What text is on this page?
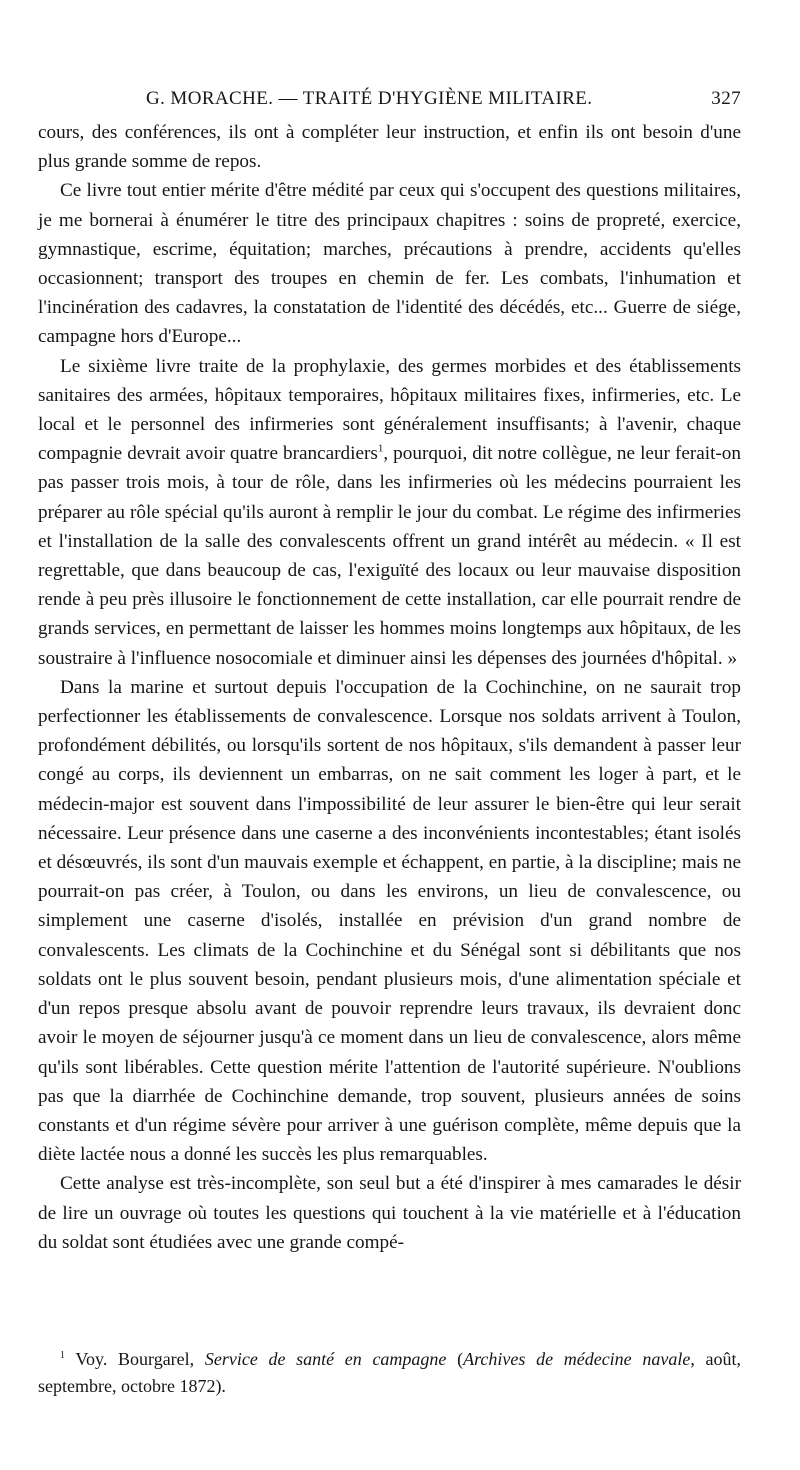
G. MORACHE. — TRAITÉ D'HYGIÈNE MILITAIRE.	327

cours, des conférences, ils ont à compléter leur instruction, et enfin ils ont besoin d'une plus grande somme de repos.

Ce livre tout entier mérite d'être médité par ceux qui s'occupent des questions militaires, je me bornerai à énumérer le titre des principaux chapitres : soins de propreté, exercice, gymnastique, escrime, équitation; marches, précautions à prendre, accidents qu'elles occasionnent; transport des troupes en chemin de fer. Les combats, l'inhumation et l'incinération des cadavres, la constatation de l'identité des décédés, etc... Guerre de siége, campagne hors d'Europe...

Le sixième livre traite de la prophylaxie, des germes morbides et des établissements sanitaires des armées, hôpitaux temporaires, hôpitaux militaires fixes, infirmeries, etc. Le local et le personnel des infirmeries sont généralement insuffisants; à l'avenir, chaque compagnie devrait avoir quatre brancardiers$^1$, pourquoi, dit notre collègue, ne leur ferait-on pas passer trois mois, à tour de rôle, dans les infirmeries où les médecins pourraient les préparer au rôle spécial qu'ils auront à remplir le jour du combat. Le régime des infirmeries et l'installation de la salle des convalescents offrent un grand intérêt au médecin. « Il est regrettable, que dans beaucoup de cas, l'exiguïté des locaux ou leur mauvaise disposition rende à peu près illusoire le fonctionnement de cette installation, car elle pourrait rendre de grands services, en permettant de laisser les hommes moins longtemps aux hôpitaux, de les soustraire à l'influence nosocomiale et diminuer ainsi les dépenses des journées d'hôpital. »

Dans la marine et surtout depuis l'occupation de la Cochinchine, on ne saurait trop perfectionner les établissements de convalescence. Lorsque nos soldats arrivent à Toulon, profondément débilités, ou lorsqu'ils sortent de nos hôpitaux, s'ils demandent à passer leur congé au corps, ils deviennent un embarras, on ne sait comment les loger à part, et le médecin-major est souvent dans l'impossibilité de leur assurer le bien-être qui leur serait nécessaire. Leur présence dans une caserne a des inconvénients incontestables; étant isolés et désœuvrés, ils sont d'un mauvais exemple et échappent, en partie, à la discipline; mais ne pourrait-on pas créer, à Toulon, ou dans les environs, un lieu de convalescence, ou simplement une caserne d'isolés, installée en prévision d'un grand nombre de convalescents. Les climats de la Cochinchine et du Sénégal sont si débilitants que nos soldats ont le plus souvent besoin, pendant plusieurs mois, d'une alimentation spéciale et d'un repos presque absolu avant de pouvoir reprendre leurs travaux, ils devraient donc avoir le moyen de séjourner jusqu'à ce moment dans un lieu de convalescence, alors même qu'ils sont libérables. Cette question mérite l'attention de l'autorité supérieure. N'oublions pas que la diarrhée de Cochinchine demande, trop souvent, plusieurs années de soins constants et d'un régime sévère pour arriver à une guérison complète, même depuis que la diète lactée nous a donné les succès les plus remarquables.

Cette analyse est très-incomplète, son seul but a été d'inspirer à mes camarades le désir de lire un ouvrage où toutes les questions qui touchent à la vie matérielle et à l'éducation du soldat sont étudiées avec une grande compé-

$^1$ Voy. Bourgarel, Service de santé en campagne (Archives de médecine navale, août, septembre, octobre 1872).
